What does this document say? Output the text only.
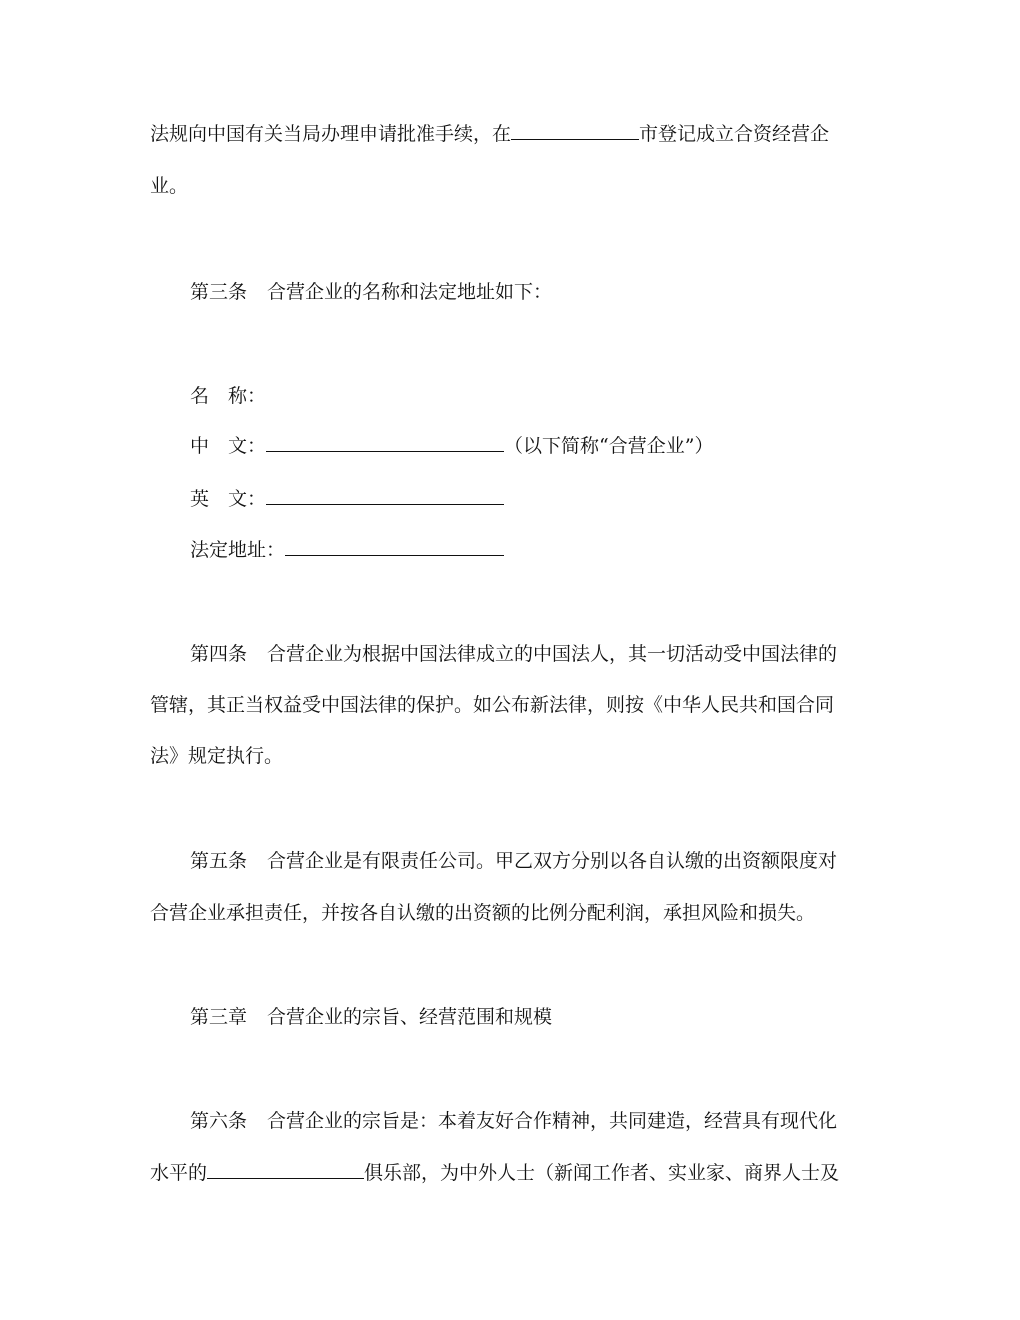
法规向中国有关当局办理申请批准手续，在	市登记成立合资经营企
业。
第三条 合营企业的名称和法定地址如下：
名　称：
中　文：	（以下简称“合营企业”）
英　文：
法定地址：
第四条 合营企业为根据中国法律成立的中国法人，其一切活动受中国法律的
管辖，其正当权益受中国法律的保护。如公布新法律，则按《中华人民共和国合同
法》规定执行。
第五条 合营企业是有限责任公司。甲乙双方分别以各自认缴的出资额限度对
合营企业承担责任，并按各自认缴的出资额的比例分配利润，承担风险和损失。
第三章 合营企业的宗旨、经营范围和规模
第六条 合营企业的宗旨是：本着友好合作精神，共同建造，经营具有现代化
水平的	俱乐部，为中外人士（新闻工作者、实业家、商界人士及
